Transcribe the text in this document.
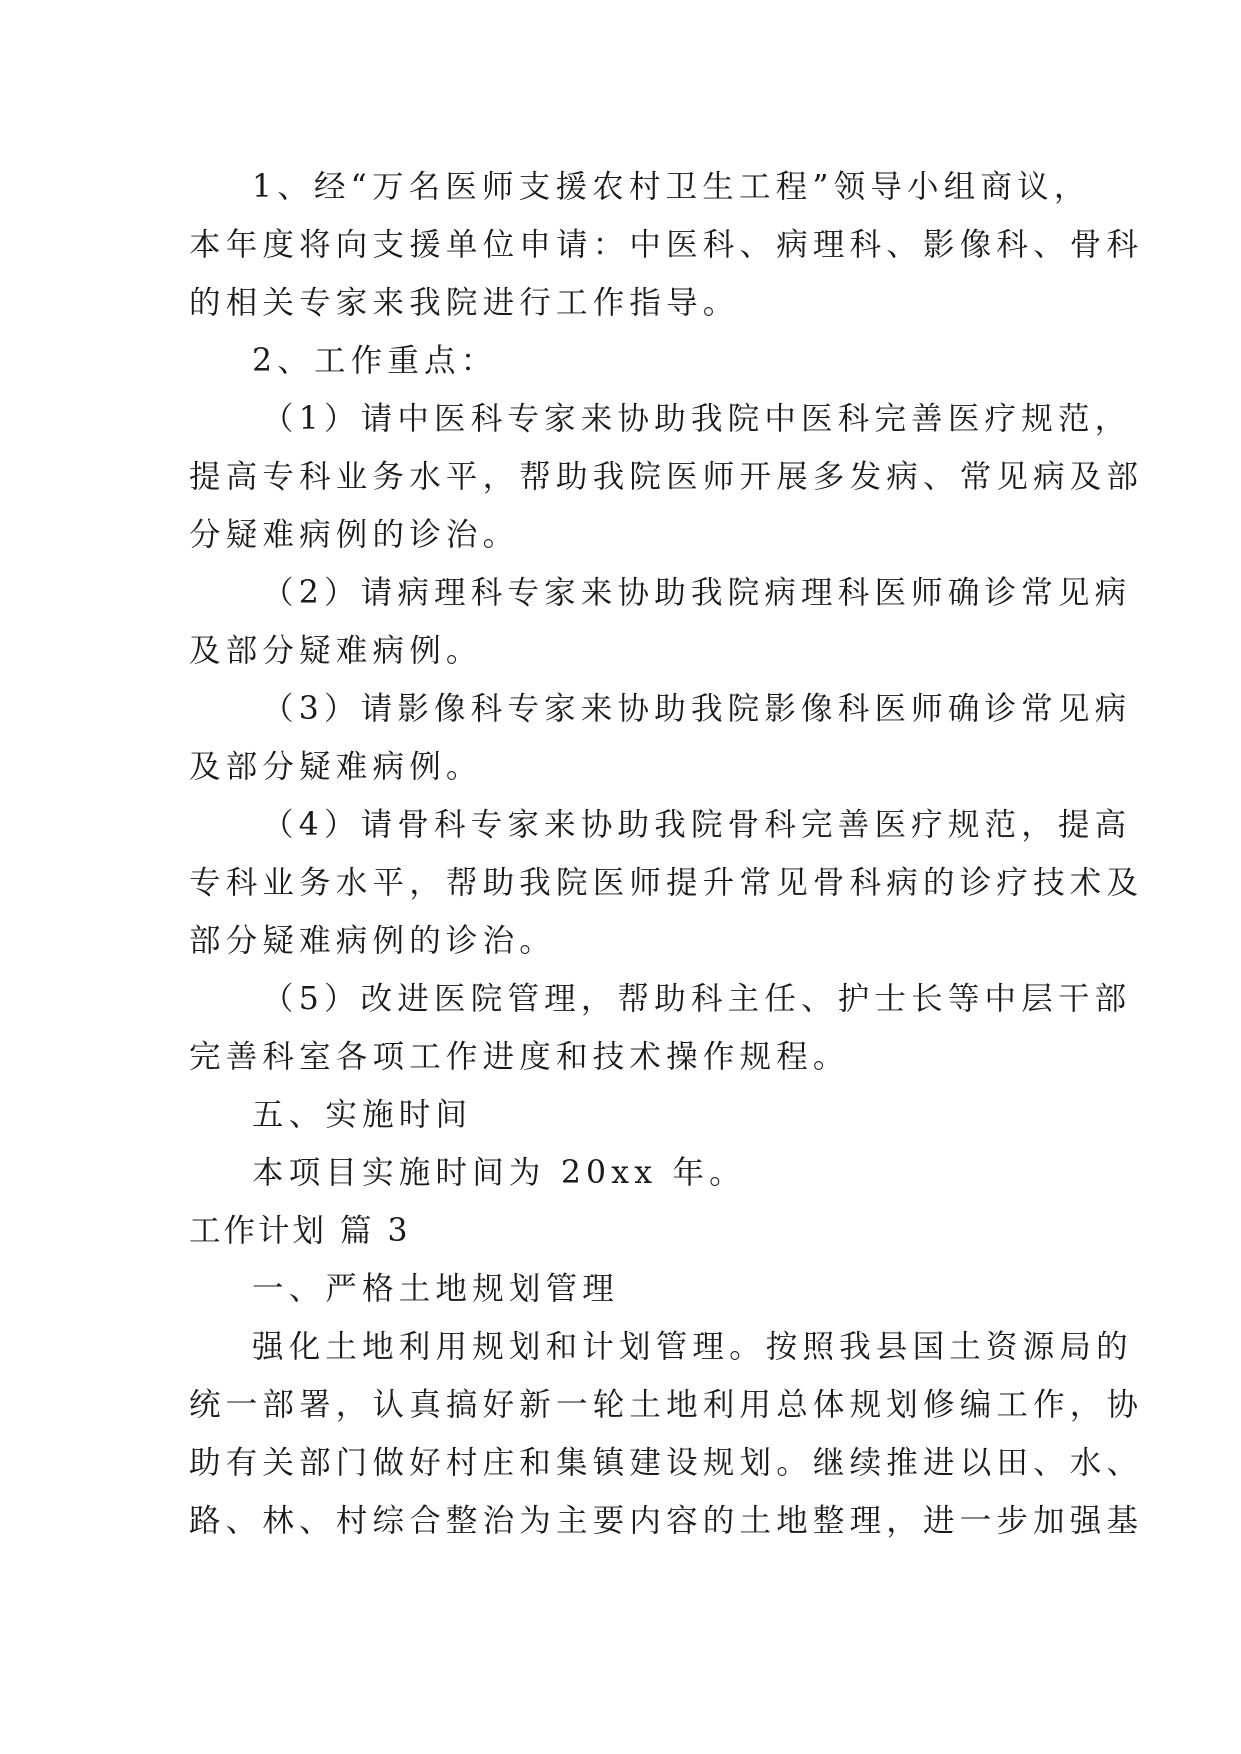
1、经“万名医师支援农村卫生工程”领导小组商议，
本年度将向支援单位申请：中医科、病理科、影像科、骨科
的相关专家来我院进行工作指导。
2、工作重点：
（1）请中医科专家来协助我院中医科完善医疗规范，
提高专科业务水平，帮助我院医师开展多发病、常见病及部
分疑难病例的诊治。
（2）请病理科专家来协助我院病理科医师确诊常见病
及部分疑难病例。
（3）请影像科专家来协助我院影像科医师确诊常见病
及部分疑难病例。
（4）请骨科专家来协助我院骨科完善医疗规范，提高
专科业务水平，帮助我院医师提升常见骨科病的诊疗技术及
部分疑难病例的诊治。
（5）改进医院管理，帮助科主任、护士长等中层干部
完善科室各项工作进度和技术操作规程。
五、实施时间
本项目实施时间为 20xx 年。
工作计划 篇 3
一、严格土地规划管理
强化土地利用规划和计划管理。按照我县国土资源局的
统一部署，认真搞好新一轮土地利用总体规划修编工作，协
助有关部门做好村庄和集镇建设规划。继续推进以田、水、
路、林、村综合整治为主要内容的土地整理，进一步加强基
